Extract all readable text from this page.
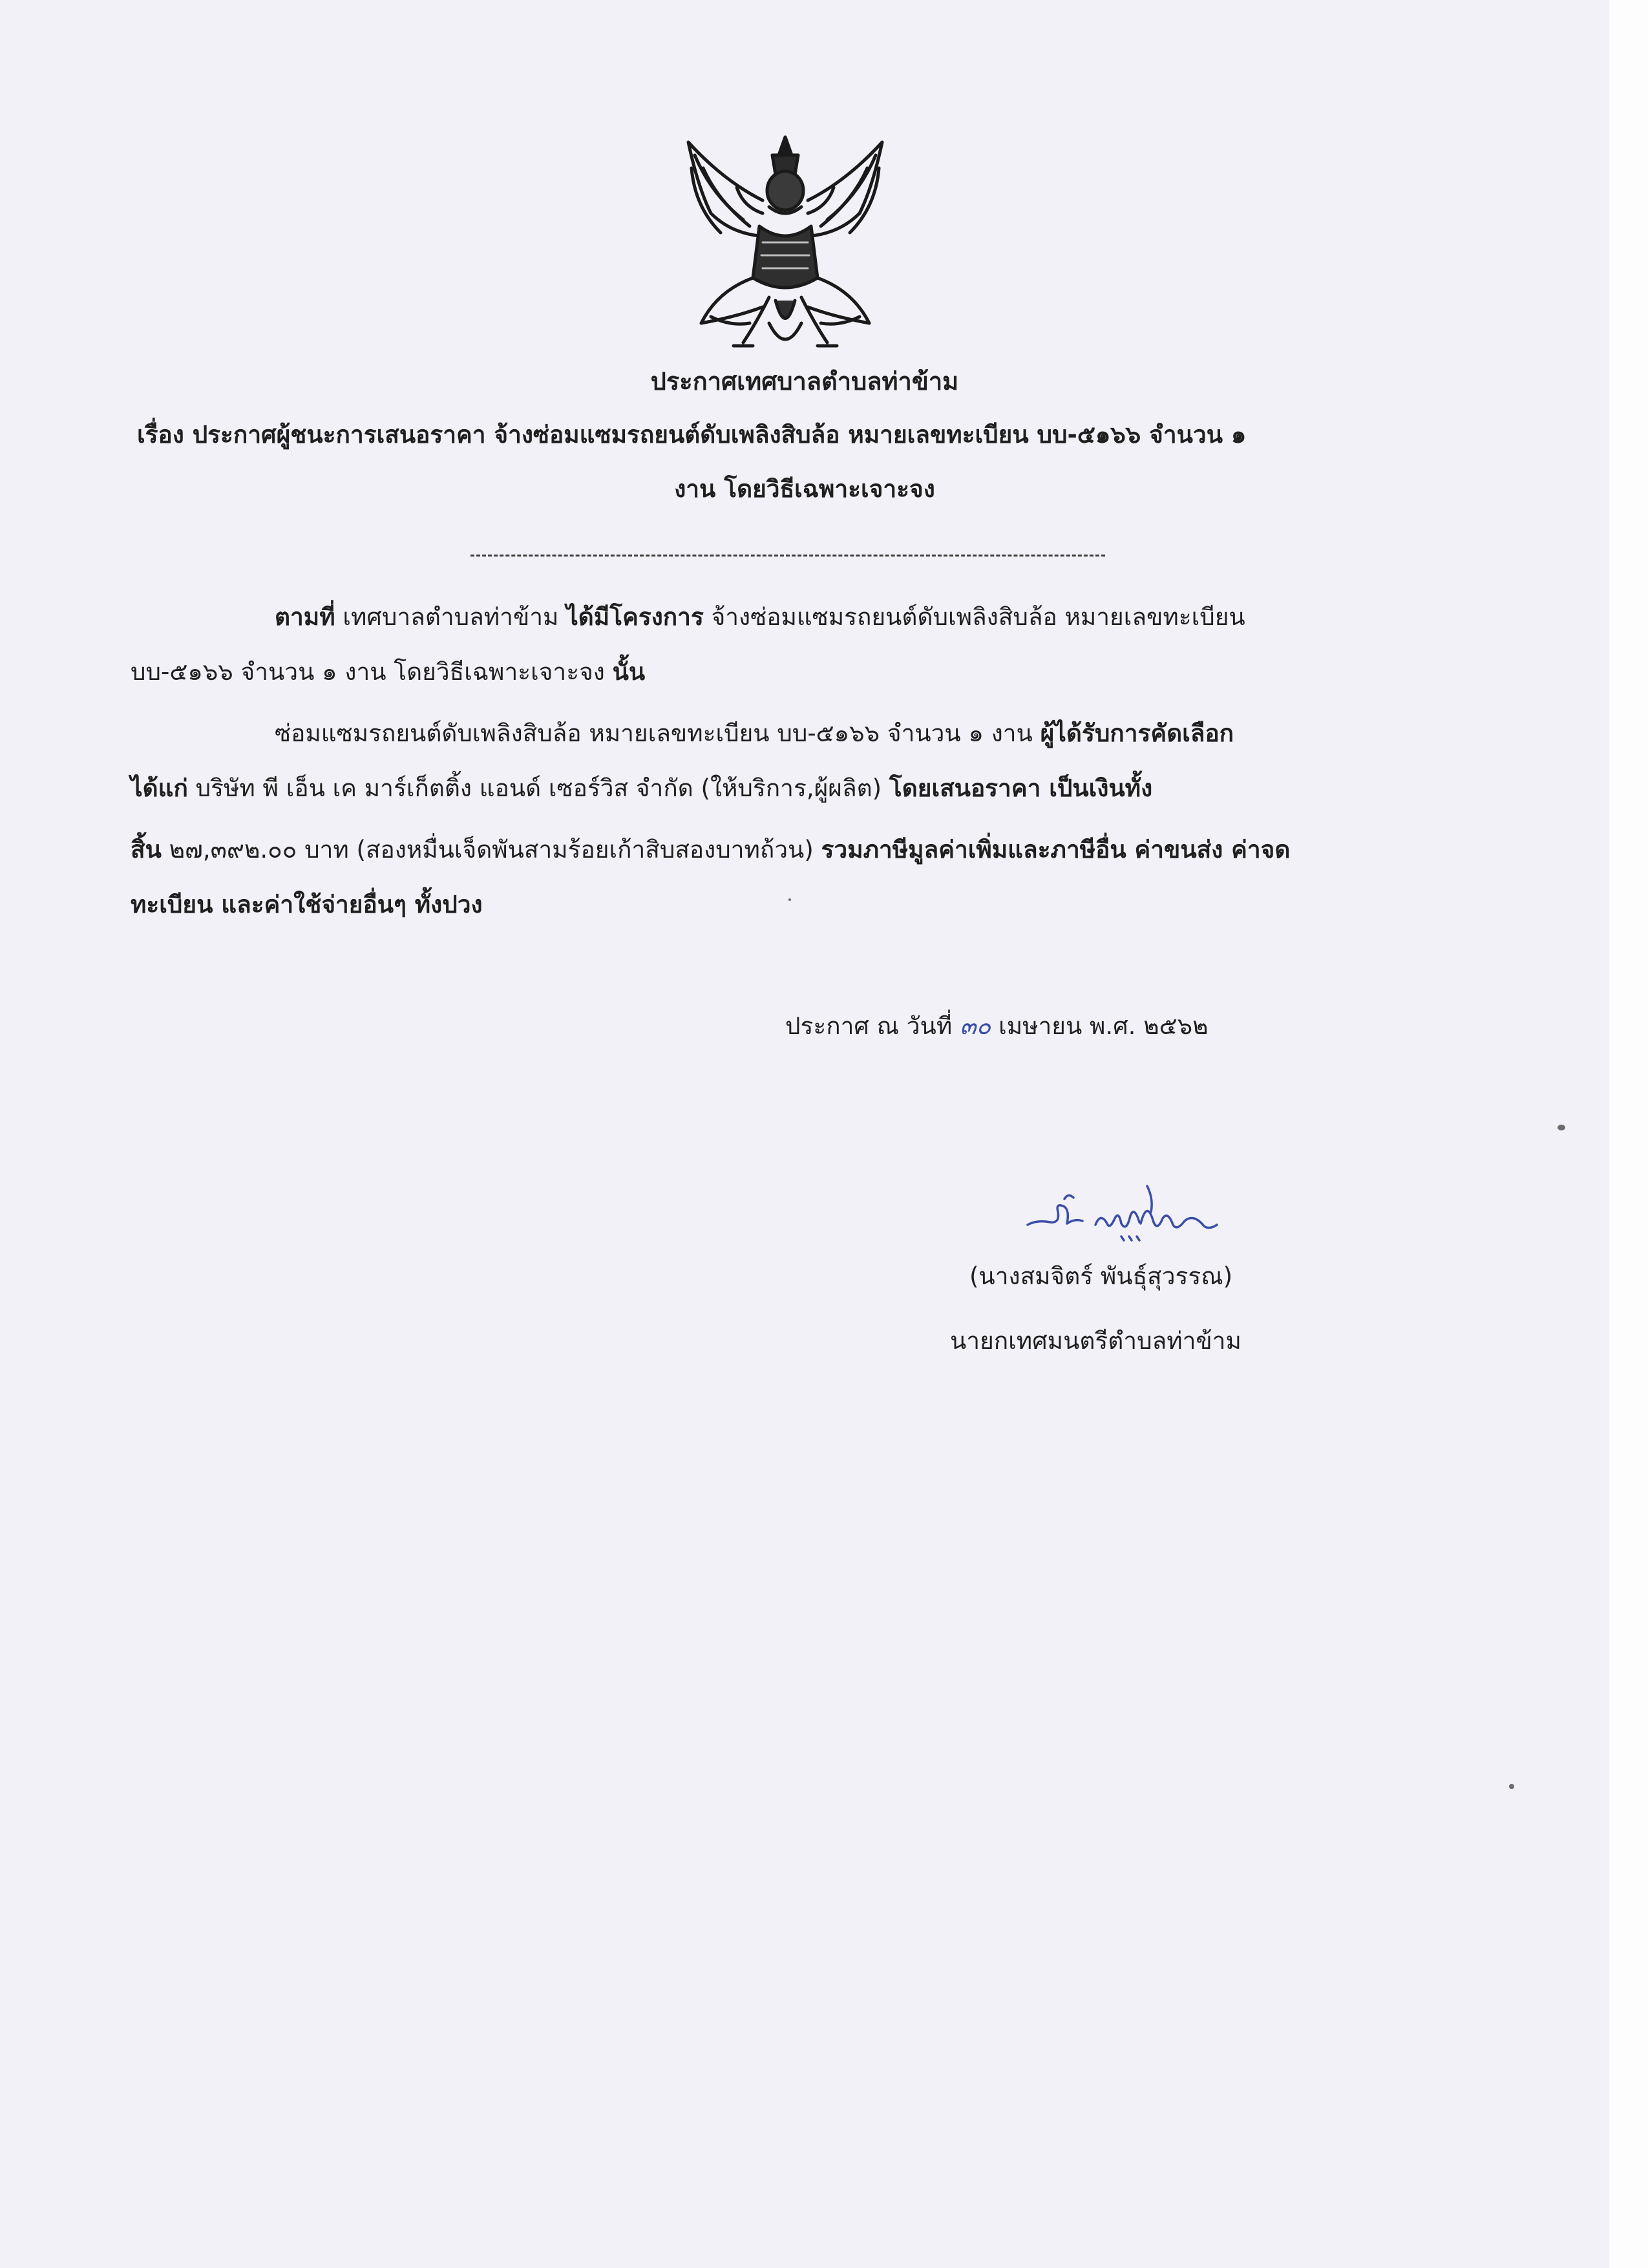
ประกาศเทศบาลตำบลท่าข้าม
เรื่อง ประกาศผู้ชนะการเสนอราคา จ้างซ่อมแซมรถยนต์ดับเพลิงสิบล้อ หมายเลขทะเบียน บบ-๕๑๖๖ จำนวน ๑
งาน โดยวิธีเฉพาะเจาะจง
ตามที่ เทศบาลตำบลท่าข้าม ได้มีโครงการ จ้างซ่อมแซมรถยนต์ดับเพลิงสิบล้อ หมายเลขทะเบียน
บบ-๕๑๖๖ จำนวน ๑ งาน โดยวิธีเฉพาะเจาะจง นั้น
ซ่อมแซมรถยนต์ดับเพลิงสิบล้อ หมายเลขทะเบียน บบ-๕๑๖๖ จำนวน ๑ งาน ผู้ได้รับการคัดเลือก
ได้แก่ บริษัท พี เอ็น เค มาร์เก็ตติ้ง แอนด์ เซอร์วิส จำกัด (ให้บริการ,ผู้ผลิต) โดยเสนอราคา เป็นเงินทั้ง
สิ้น ๒๗,๓๙๒.๐๐ บาท (สองหมื่นเจ็ดพันสามร้อยเก้าสิบสองบาทถ้วน) รวมภาษีมูลค่าเพิ่มและภาษีอื่น ค่าขนส่ง ค่าจด
ทะเบียน และค่าใช้จ่ายอื่นๆ ทั้งปวง
ประกาศ ณ วันที่ ๓๐ เมษายน พ.ศ. ๒๕๖๒
(นางสมจิตร์ พันธุ์สุวรรณ)
นายกเทศมนตรีตำบลท่าข้าม
